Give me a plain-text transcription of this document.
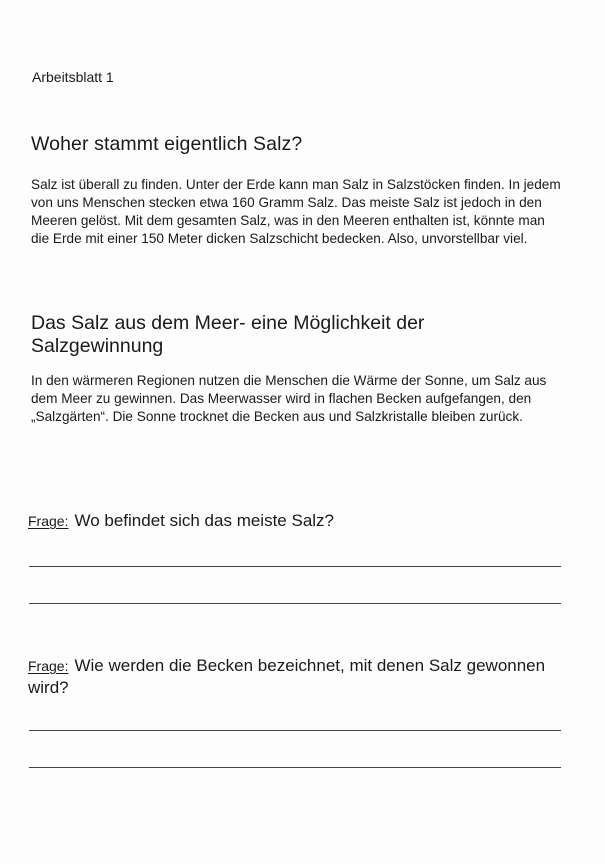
Arbeitsblatt 1
Woher stammt eigentlich Salz?
Salz ist überall zu finden. Unter der Erde kann man Salz in Salzstöcken finden. In jedem von uns Menschen stecken etwa 160 Gramm Salz. Das meiste Salz ist jedoch in den Meeren gelöst. Mit dem gesamten Salz, was in den Meeren enthalten ist, könnte man die Erde mit einer 150 Meter dicken Salzschicht bedecken. Also, unvorstellbar viel.
Das Salz aus dem Meer- eine Möglichkeit der Salzgewinnung
In den wärmeren Regionen nutzen die Menschen die Wärme der Sonne, um Salz aus dem Meer zu gewinnen. Das Meerwasser wird in flachen Becken aufgefangen, den „Salzgärten“. Die Sonne trocknet die Becken aus und Salzkristalle bleiben zurück.
Frage: Wo befindet sich das meiste Salz?
Frage: Wie werden die Becken bezeichnet, mit denen Salz gewonnen wird?
